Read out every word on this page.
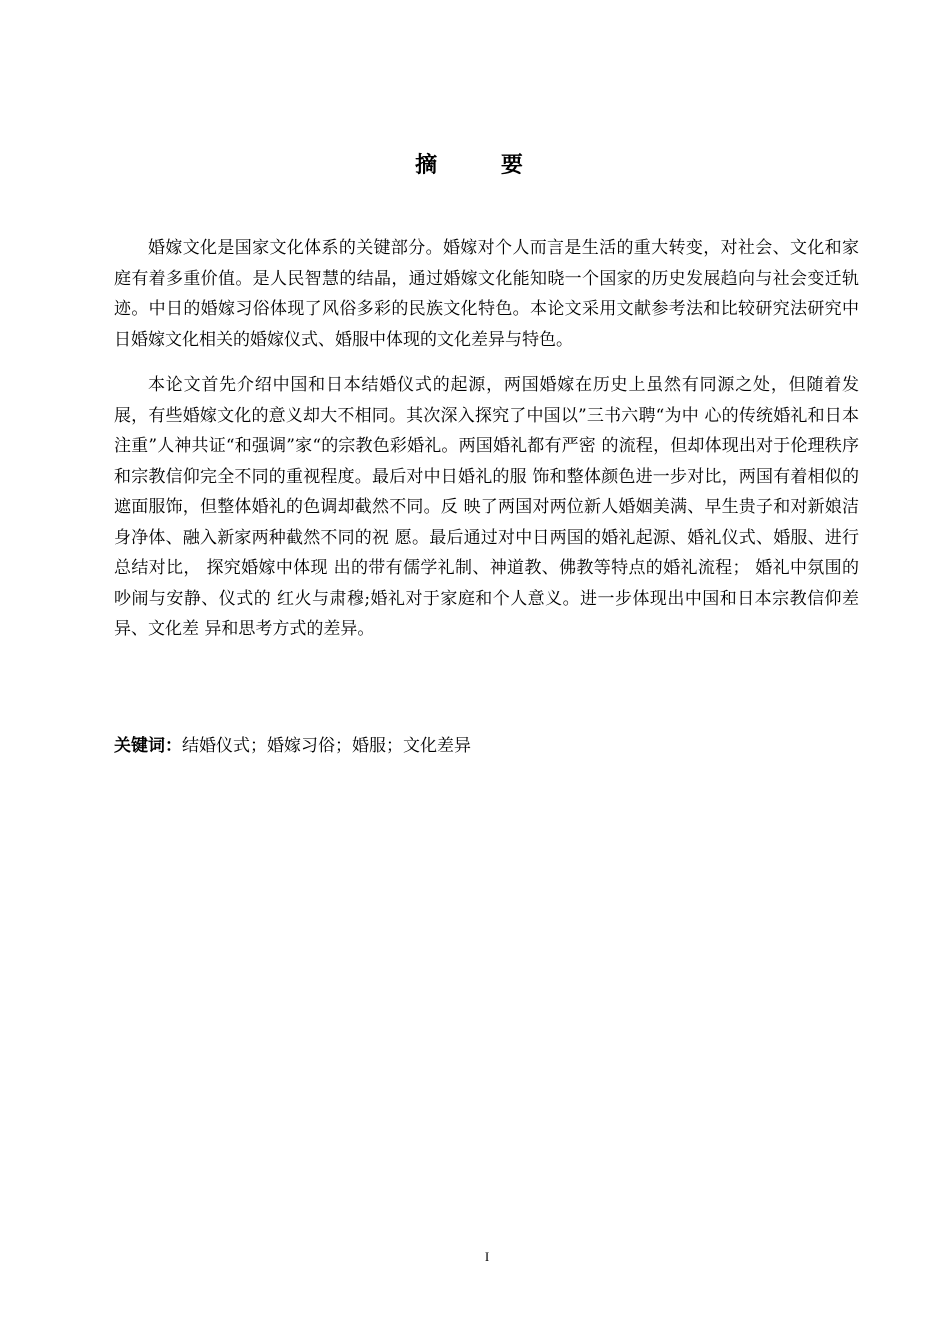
摘 要

婚嫁文化是国家文化体系的关键部分。婚嫁对个人而言是生活的重大转变，对社会、文化和家庭有着多重价值。是人民智慧的结晶，通过婚嫁文化能知晓一个国家的历史发展趋向与社会变迁轨迹。中日的婚嫁习俗体现了风俗多彩的民族文化特色。本论文采用文献参考法和比较研究法研究中日婚嫁文化相关的婚嫁仪式、婚服中体现的文化差异与特色。

本论文首先介绍中国和日本结婚仪式的起源，两国婚嫁在历史上虽然有同源之处，但随着发展，有些婚嫁文化的意义却大不相同。其次深入探究了中国以”三书六聘“为中 心的传统婚礼和日本注重”人神共证“和强调”家“的宗教色彩婚礼。两国婚礼都有严密 的流程，但却体现出对于伦理秩序和宗教信仰完全不同的重视程度。最后对中日婚礼的服 饰和整体颜色进一步对比，两国有着相似的遮面服饰，但整体婚礼的色调却截然不同。反 映了两国对两位新人婚姻美满、早生贵子和对新娘洁身净体、融入新家两种截然不同的祝 愿。最后通过对中日两国的婚礼起源、婚礼仪式、婚服、进行总结对比， 探究婚嫁中体现 出的带有儒学礼制、神道教、佛教等特点的婚礼流程； 婚礼中氛围的吵闹与安静、仪式的 红火与肃穆;婚礼对于家庭和个人意义。进一步体现出中国和日本宗教信仰差异、文化差 异和思考方式的差异。

关键词：结婚仪式；婚嫁习俗；婚服；文化差异
I
